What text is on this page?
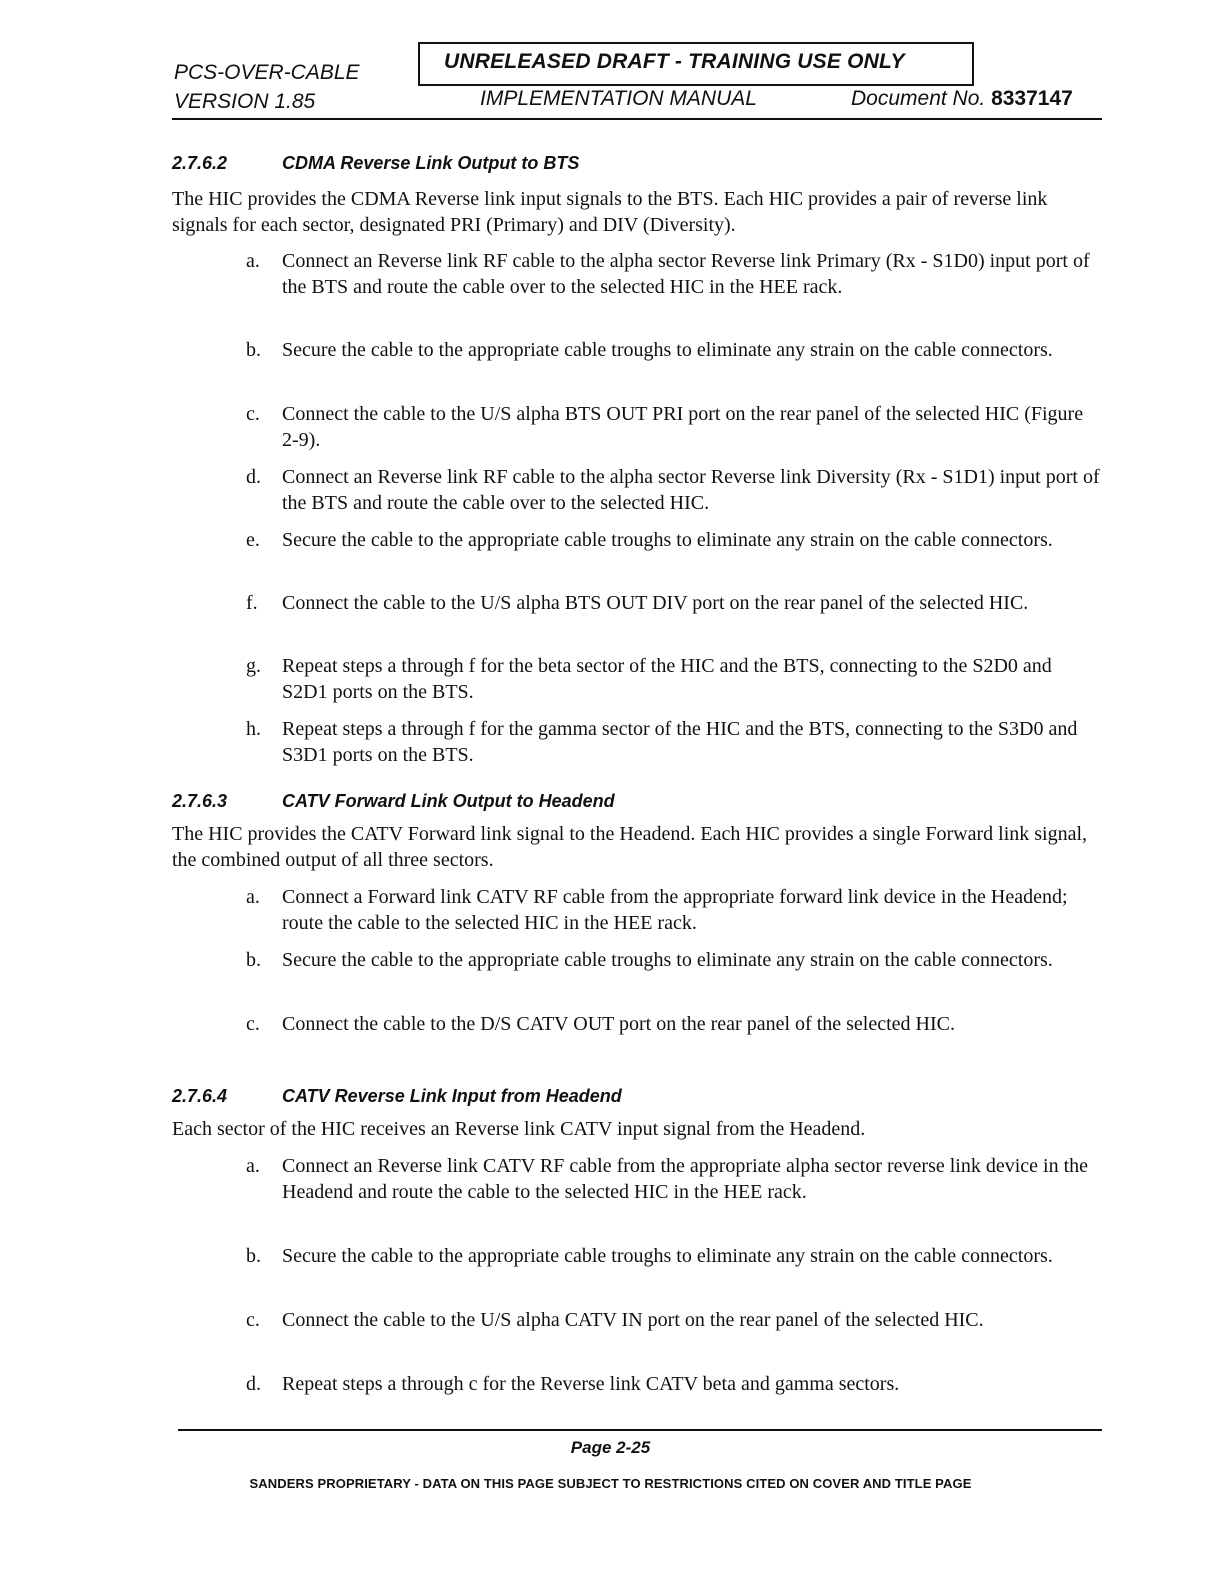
PCS-OVER-CABLE
VERSION 1.85
UNRELEASED DRAFT - TRAINING USE ONLY
IMPLEMENTATION MANUAL	Document No. 8337147
2.7.6.2	CDMA Reverse Link Output to BTS
The HIC provides the CDMA Reverse link input signals to the BTS. Each HIC provides a pair of reverse link signals for each sector, designated PRI (Primary) and DIV (Diversity).
a.	Connect an Reverse link RF cable to the alpha sector Reverse link Primary (Rx - S1D0) input port of the BTS and route the cable over to the selected HIC in the HEE rack.
b.	Secure the cable to the appropriate cable troughs to eliminate any strain on the cable connectors.
c.	Connect the cable to the U/S alpha BTS OUT PRI port on the rear panel of the selected HIC (Figure 2-9).
d.	Connect an Reverse link RF cable to the alpha sector Reverse link Diversity (Rx - S1D1) input port of the BTS and route the cable over to the selected HIC.
e.	Secure the cable to the appropriate cable troughs to eliminate any strain on the cable connectors.
f.	Connect the cable to the U/S alpha BTS OUT DIV port on the rear panel of the selected HIC.
g.	Repeat steps a through f for the beta sector of the HIC and the BTS, connecting to the S2D0 and S2D1 ports on the BTS.
h.	Repeat steps a through f for the gamma sector of the HIC and the BTS, connecting to the S3D0 and S3D1 ports on the BTS.
2.7.6.3	CATV Forward Link Output to Headend
The HIC provides the CATV Forward link signal to the Headend. Each HIC provides a single Forward link signal, the combined output of all three sectors.
a.	Connect a Forward link CATV RF cable from the appropriate forward link device in the Headend; route the cable to the selected HIC in the HEE rack.
b.	Secure the cable to the appropriate cable troughs to eliminate any strain on the cable connectors.
c.	Connect the cable to the D/S CATV OUT port on the rear panel of the selected HIC.
2.7.6.4	CATV Reverse Link Input from Headend
Each sector of the HIC receives an Reverse link CATV input signal from the Headend.
a.	Connect an Reverse link CATV RF cable from the appropriate alpha sector reverse link device in the Headend and route the cable to the selected HIC in the HEE rack.
b.	Secure the cable to the appropriate cable troughs to eliminate any strain on the cable connectors.
c.	Connect the cable to the U/S alpha CATV IN port on the rear panel of the selected HIC.
d.	Repeat steps a through c for the Reverse link CATV beta and gamma sectors.
Page 2-25
SANDERS PROPRIETARY - DATA ON THIS PAGE SUBJECT TO RESTRICTIONS CITED ON COVER AND TITLE PAGE
